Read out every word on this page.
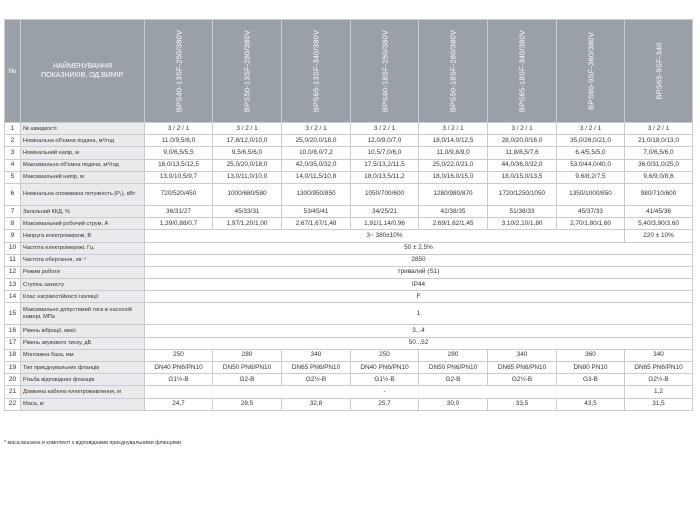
№	НАЙМЕНУВАННЯ ПОКАЗНИКІВ, ОД.ВИМІР.	BPS40-13SF-250/380V	BPS50-13SF-280/380V	BPS65-13SF-340/380V	BPS40-18SF-250/380V	BPS50-18SF-280/380V	BPS65-18SF-340/380V	BPS80-9SF-360/380V	BPS65-9SF-340

1	№ швидкості	3 / 2 / 1	3 / 2 / 1	3 / 2 / 1	3 / 2 / 1	3 / 2 / 1	3 / 2 / 1	3 / 2 / 1	3 / 2 / 1
2	Номінальна об'ємна подача, м³/год	11,0/9,5/8,0	17,8/12,0/10,0	25,0/20,0/18,0	12,0/9,0/7,0	18,0/14,0/12,5	28,0/20,0/16,0	35,0/26,0/21,0	21,0/18,0/13,0
3	Номінальний напір, м	9,0/6,5/5,5	9,5/6,5/6,0	10,0/8,0/7,2	10,5/7,0/6,0	11,0/9,8/9,0	11,8/8,5/7,6	6,4/5,5/5,0	7,0/6,5/6,0
4	Максимальна об'ємна подача, м³/год	16,0/13,5/12,5	25,0/20,0/18,0	42,0/35,0/32,0	17,5/13,2/11,5	25,0/22,0/21,0	44,0/36,0/32,0	53,0/44,0/40,0	36,0/31,0/25,0
5	Максимальний напір, м	13,0/10,5/9,7	13,0/11,0/10,0	14,0/11,5/10,8	18,0/13,5/11,2	18,0/16,0/15,0	18,0/15,0/13,5	9,6/8,2/7,5	9,6/9,0/8,6
6	Номінальна споживана потужність (P₁), кВт	720/520/450	1000/680/580	1300/950/850	1050/700/600	1280/980/870	1720/1250/1050	1350/1000/850	980/710/600
7	Загальний ККД, %	36/31/27	45/33/31	53/45/41	34/25/21	42/38/35	51/38/33	45/37/33	41/45/36
8	Максимальний робочий струм, А	1,39/0,88/0,7	1,97/1,20/1,00	2,67/1,67/1,48	1,91/1,14/0,96	2,69/1,62/1,45	3,10/2,10/1,80	2,70/1,80/1,60	5,40/3,90/3,60
9	Напруга електромережі, В	3~ 380±10%							220 ± 10%
10	Частота електромережі, Гц	50 ± 2,5%							
11	Частота обертання, хв⁻¹	2850							
12	Режим роботи	тривалий (S1)							
13	Ступінь захисту	IP44							
14	Клас нагрівостійкості ізоляції	F							
15	Максимально допустимий тиск в насосній камері, МПа	1							
16	Рівень вібрації, мм/с	3...4							
17	Рівень звукового тиску, дБ	50...52							
18	Монтажна база, мм	250	280	340	250	280	340	360	340
19	Тип приєднувальних фланців	DN40 PN6/PN10	DN50 PN6/PN10	DN65 PN6/PN10	DN40 PN6/PN10	DN50 PN6/PN10	DN65 PN6/PN10	DN80 PN10	DN65 PN6/PN10
20	Різьба відповідних фланців	G1½-B	G2-B	G2½-B	G1½-B	G2-B	G2½-B	G3-B	G2½-B
21	Довжина кабелю електроживлення, м	-							1,2
22	Маса, кг	24,7	28,5	32,8	25,7	30,0	33,5	43,5	31,5
* маса вказана в комплекті з відповідними приєднувальними фланцями
